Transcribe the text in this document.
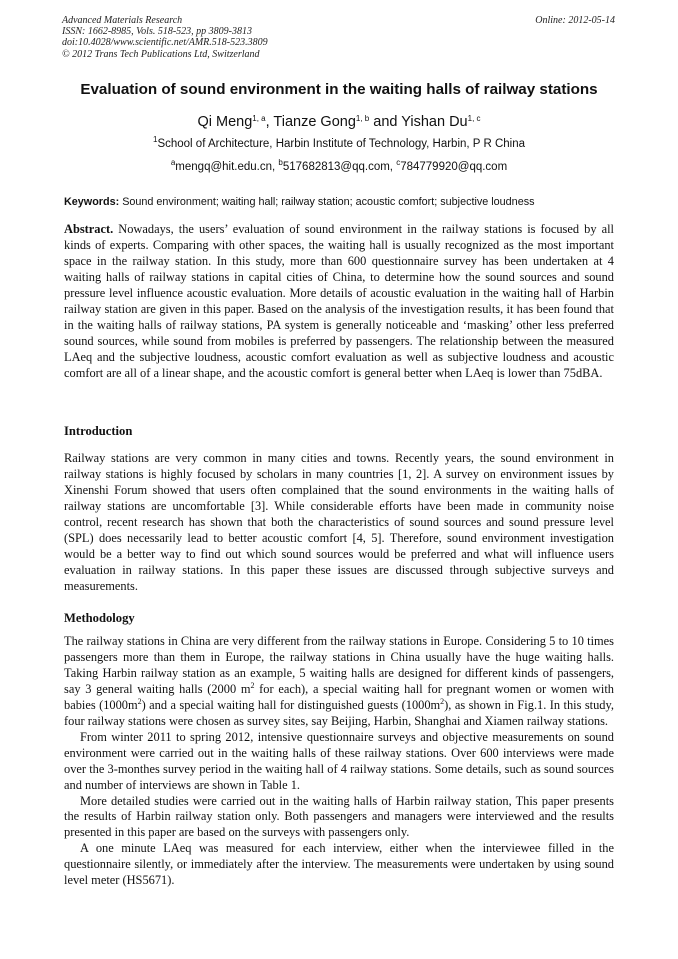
Advanced Materials Research
ISSN: 1662-8985, Vols. 518-523, pp 3809-3813
doi:10.4028/www.scientific.net/AMR.518-523.3809
© 2012 Trans Tech Publications Ltd, Switzerland
Online: 2012-05-14
Evaluation of sound environment in the waiting halls of railway stations
Qi Meng$^{1, a}$, Tianze Gong$^{1, b}$ and Yishan Du$^{1, c}$
$^1$School of Architecture, Harbin Institute of Technology, Harbin, P R China
$^a$mengq@hit.edu.cn, $^b$517682813@qq.com, $^c$784779920@qq.com
Keywords: Sound environment; waiting hall; railway station; acoustic comfort; subjective loudness

Abstract. Nowadays, the users’ evaluation of sound environment in the railway stations is focused by all kinds of experts. Comparing with other spaces, the waiting hall is usually recognized as the most important space in the railway station. In this study, more than 600 questionnaire survey has been undertaken at 4 waiting halls of railway stations in capital cities of China, to determine how the sound sources and sound pressure level influence acoustic evaluation. More details of acoustic evaluation in the waiting hall of Harbin railway station are given in this paper. Based on the analysis of the investigation results, it has been found that in the waiting halls of railway stations, PA system is generally noticeable and ‘masking’ other less preferred sound sources, while sound from mobiles is preferred by passengers. The relationship between the measured LAeq and the subjective loudness, acoustic comfort evaluation as well as subjective loudness and acoustic comfort are all of a linear shape, and the acoustic comfort is general better when LAeq is lower than 75dBA.

Introduction

Railway stations are very common in many cities and towns. Recently years, the sound environment in railway stations is highly focused by scholars in many countries [1, 2]. A survey on environment issues by Xinenshi Forum showed that users often complained that the sound environments in the waiting halls of railway stations are uncomfortable [3]. While considerable efforts have been made in community noise control, recent research has shown that both the characteristics of sound sources and sound pressure level (SPL) does necessarily lead to better acoustic comfort [4, 5]. Therefore, sound environment investigation would be a better way to find out which sound sources would be preferred and what will influence users evaluation in railway stations. In this paper these issues are discussed through subjective surveys and measurements.

Methodology

The railway stations in China are very different from the railway stations in Europe. Considering 5 to 10 times passengers more than them in Europe, the railway stations in China usually have the huge waiting halls. Taking Harbin railway station as an example, 5 waiting halls are designed for different kinds of passengers, say 3 general waiting halls (2000 $m^2$ for each), a special waiting hall for pregnant women or women with babies $(1000m^2)$ and a special waiting hall for distinguished guests $(1000m^2)$, as shown in Fig.1. In this study, four railway stations were chosen as survey sites, say Beijing, Harbin, Shanghai and Xiamen railway stations.

From winter 2011 to spring 2012, intensive questionnaire surveys and objective measurements on sound environment were carried out in the waiting halls of these railway stations. Over 600 interviews were made over the 3-monthes survey period in the waiting hall of 4 railway stations. Some details, such as sound sources and number of interviews are shown in Table 1.

More detailed studies were carried out in the waiting halls of Harbin railway station, This paper presents the results of Harbin railway station only. Both passengers and managers were interviewed and the results presented in this paper are based on the surveys with passengers only.

A one minute LAeq was measured for each interview, either when the interviewee filled in the questionnaire silently, or immediately after the interview. The measurements were undertaken by using sound level meter (HS5671).
